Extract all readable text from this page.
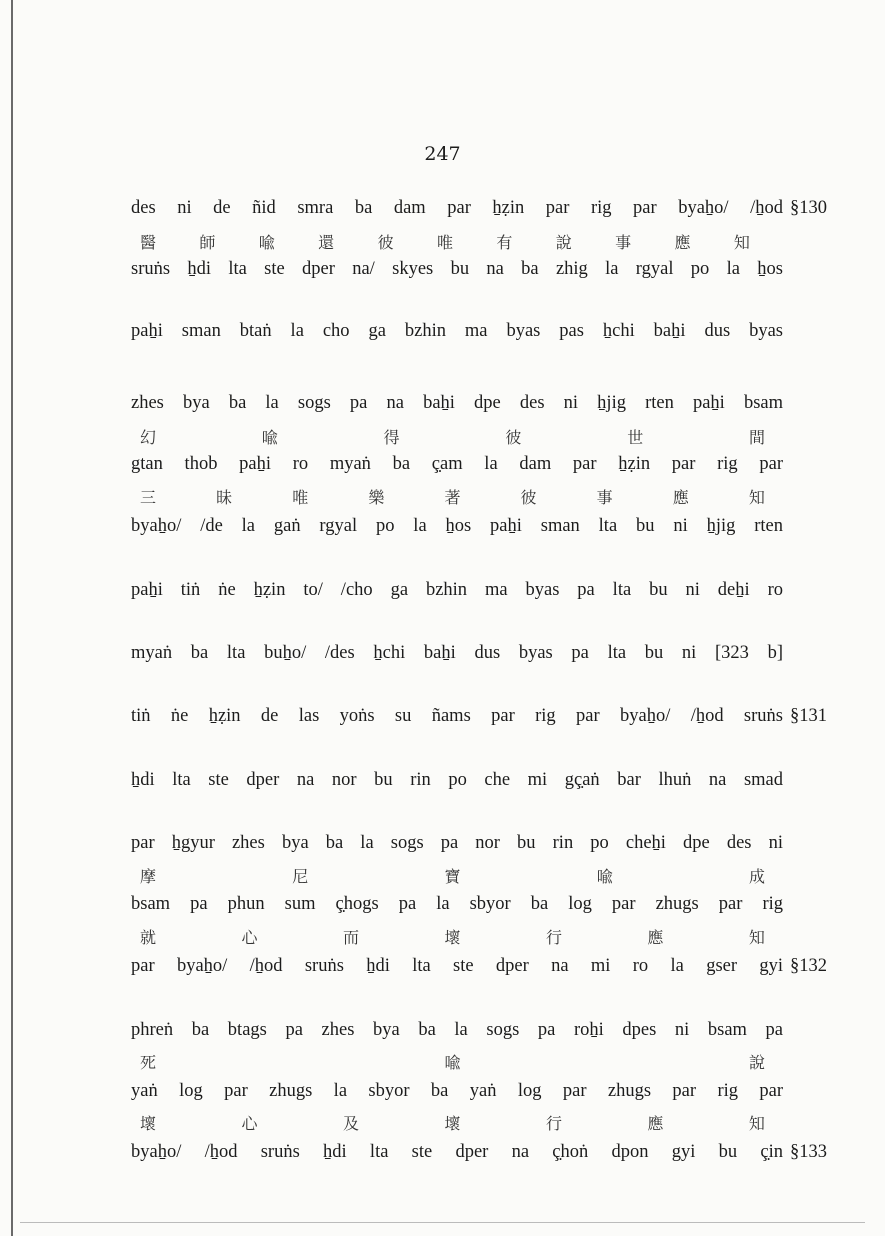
247
des ni de ñid smra ba dam par ẖẓin par rig par byaẖo/ /ẖod §130
醫	師	喩	還	彼	唯	有	說	事	應	知
sruṅs ẖdi lta ste dper na/ skyes bu na ba zhig la rgyal po la ẖos
paẖi sman btaṅ la cho ga bzhin ma byas pas ẖchi baẖi dus byas
zhes bya ba la sogs pa na baẖi dpe des ni ẖjig rten paẖi bsam
幻	喩	得	彼	世	間
gtan thob paẖi ro myaṅ ba ç̣am la dam par ẖẓin par rig par
三	昧	唯	樂	著	彼	事	應	知
byaẖo/ /de la gaṅ rgyal po la ẖos paẖi sman lta bu ni ẖjig rten
paẖi tiṅ ṅe ẖẓin to/ /cho ga bzhin ma byas pa lta bu ni deẖi ro
myaṅ ba lta buẖo/ /des ẖchi baẖi dus byas pa lta bu ni [323 b]
tiṅ ṅe ẖẓin de las yoṅs su ñams par rig par byaẖo/ /ẖod sruṅs §131
ẖdi lta ste dper na nor bu rin po che mi gç̣aṅ bar lhuṅ na smad
par ẖgyur zhes bya ba la sogs pa nor bu rin po cheẖi dpe des ni
摩	尼	寶	喩	成
bsam pa phun sum ç̣hogs pa la sbyor ba log par zhugs par rig
就	心	而	壞	行	應	知
par byaẖo/ /ẖod sruṅs ẖdi lta ste dper na mi ro la gser gyi §132
phreṅ ba btags pa zhes bya ba la sogs pa roẖi dpes ni bsam pa
死	喩	說
yaṅ log par zhugs la sbyor ba yaṅ log par zhugs par rig par
壞	心	及	壞	行	應	知
byaẖo/ /ẖod sruṅs ẖdi lta ste dper na ç̣hoṅ dpon gyi bu ç̣in §133
